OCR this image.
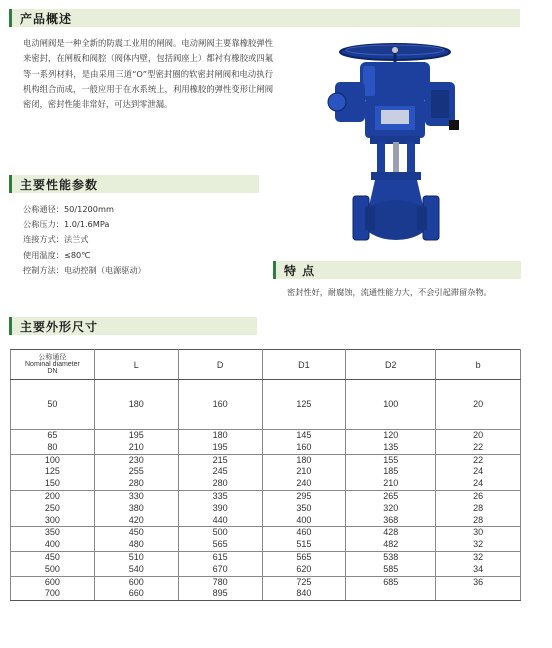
产品概述

电动闸阀是一种全新的防震工业用的闸阀。电动闸阀主要靠橡胶弹性来密封，在闸板和阀腔（阀体内壁，包括阀座上）都衬有橡胶或四氟等一系列材料，是由采用三道“O”型密封圈的软密封闸阀和电动执行机构组合而成，一般应用于在水系统上，利用橡胶的弹性变形让闸阀密闭，密封性能非常好，可达到零泄漏。

主要性能参数
公称通径：50/1200mm
公称压力：1.0/1.6MPa
连接方式：法兰式
使用温度：≤80℃
控制方法：电动控制（电源驱动）	特 点

密封性好，耐腐蚀，流通性能力大，不会引起滞留杂物。

主要外形尺寸
公称通径
Nominal diameter
DN	L	D	D1	D2	b
50	180	160	125	100	20
65	195	180	145	120	20
80	210	195	160	135	22
100	230	215	180	155	22
125	255	245	210	185	24
150	280	280	240	210	24
200	330	335	295	265	26
250	380	390	350	320	28
300	420	440	400	368	28
350	450	500	460	428	30
400	480	565	515	482	32
450	510	615	565	538	32
500	540	670	620	585	34
600	600	780	725	685	36
700	660	895	840		
